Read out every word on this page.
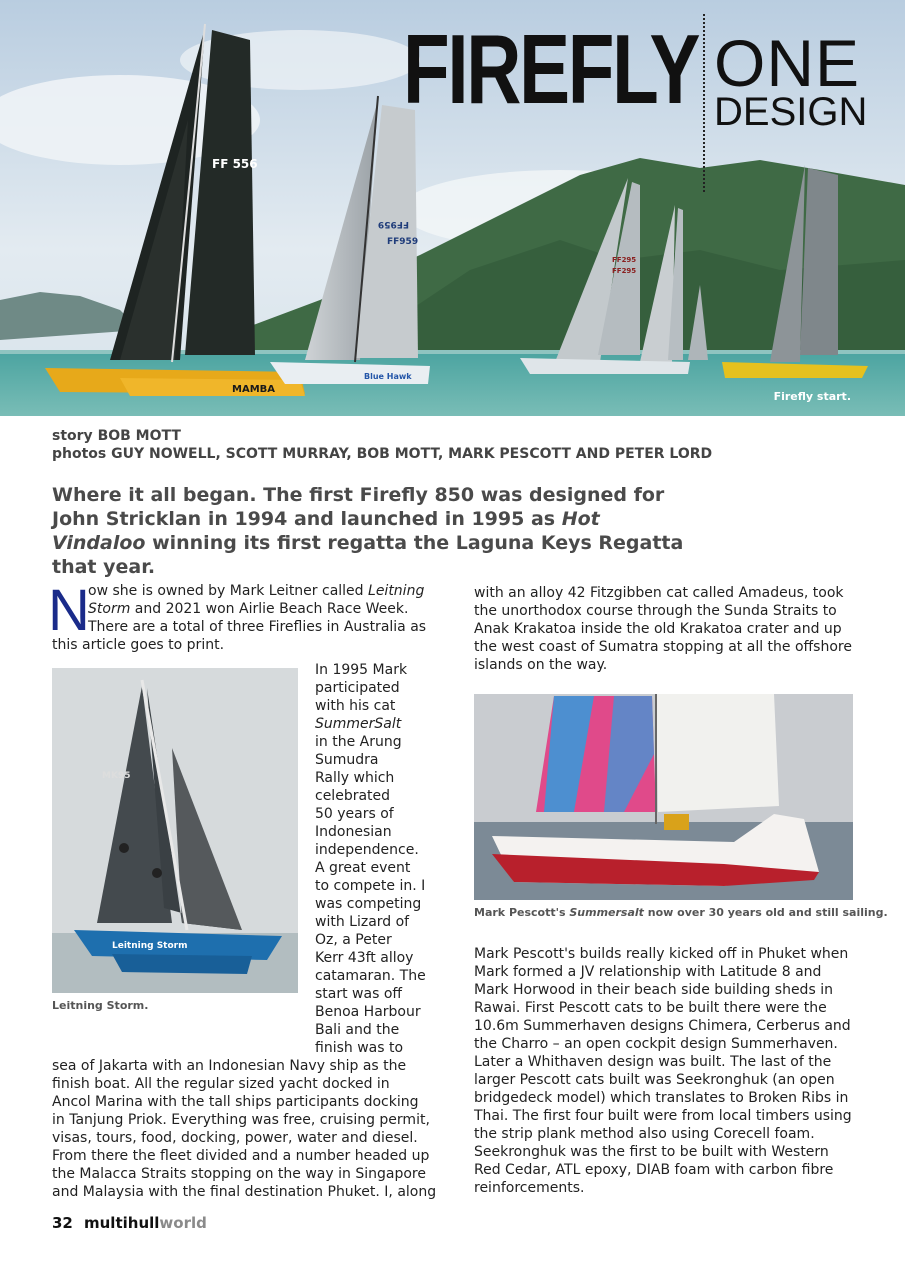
FF 556
MAMBA
FF959
FF959
Blue Hawk
FF295
FF295
Firefly start.
FIREFLY ONE
DESIGN
story BOB MOTT
photos GUY NOWELL, SCOTT MURRAY, BOB MOTT, MARK PESCOTT AND PETER LORD
Where it all began. The first Firefly 850 was designed for John Stricklan in 1994 and launched in 1995 as Hot Vindaloo winning its first regatta the Laguna Keys Regatta that year.
N
ow she is owned by Mark Leitner called Leitning Storm and 2021 won Airlie Beach Race Week. There are a total of three Fireflies in Australia as this article goes to print.
MK95
Leitning Storm
Leitning Storm.
In 1995 Mark
participated
with his cat
SummerSalt
in the Arung
Sumudra
Rally which
celebrated
50 years of
Indonesian
independence.
A great event
to compete in. I
was competing
with Lizard of
Oz, a Peter
Kerr 43ft alloy
catamaran. The
start was off
Benoa Harbour
Bali and the
finish was to
sea of Jakarta with an Indonesian Navy ship as the
finish boat. All the regular sized yacht docked in
Ancol Marina with the tall ships participants docking
in Tanjung Priok. Everything was free, cruising permit,
visas, tours, food, docking, power, water and diesel.
From there the fleet divided and a number headed up
the Malacca Straits stopping on the way in Singapore
and Malaysia with the final destination Phuket. I, along
with an alloy 42 Fitzgibben cat called Amadeus, took
the unorthodox course through the Sunda Straits to
Anak Krakatoa inside the old Krakatoa crater and up
the west coast of Sumatra stopping at all the offshore
islands on the way.
Mark Pescott's Summersalt now over 30 years old and still sailing.
Mark Pescott's builds really kicked off in Phuket when
Mark formed a JV relationship with Latitude 8 and
Mark Horwood in their beach side building sheds in
Rawai. First Pescott cats to be built there were the
10.6m Summerhaven designs Chimera, Cerberus and
the Charro – an open cockpit design Summerhaven.
Later a Whithaven design was built. The last of the
larger Pescott cats built was Seekronghuk (an open
bridgedeck model) which translates to Broken Ribs in
Thai. The first four built were from local timbers using
the strip plank method also using Corecell foam.
Seekronghuk was the first to be built with Western
Red Cedar, ATL epoxy, DIAB foam with carbon fibre
reinforcements.
32 multihullworld
